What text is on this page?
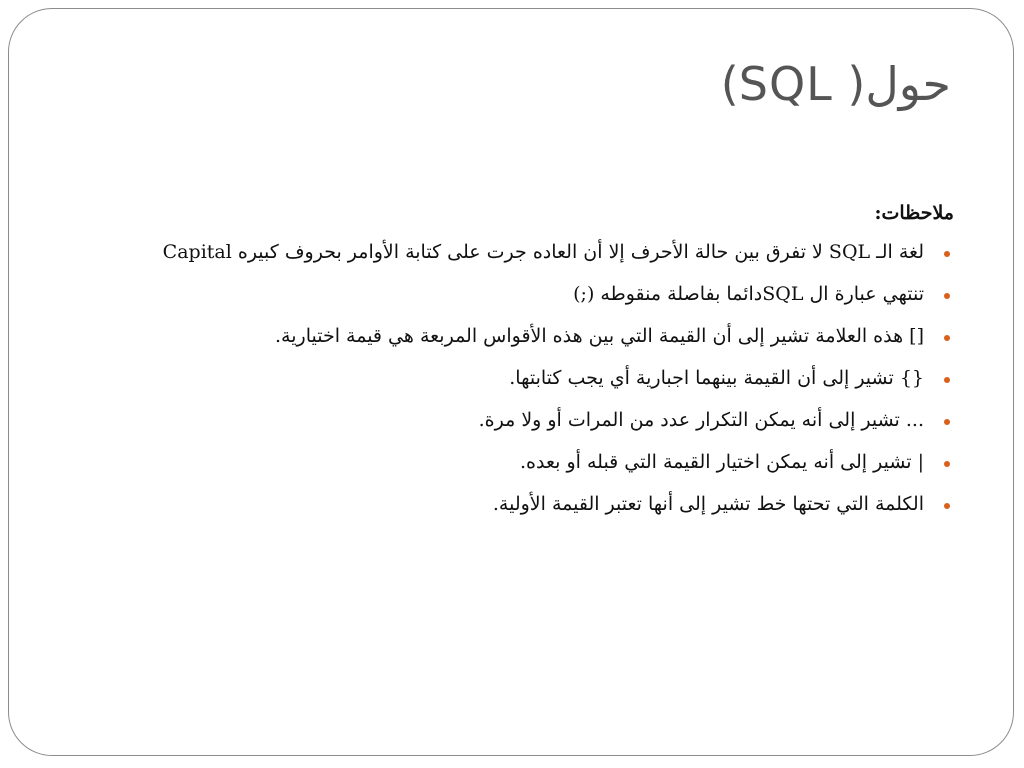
حول( SQL)
ملاحظات:
لغة الـ SQL لا تفرق بين حالة الأحرف إلا أن العاده جرت على كتابة الأوامر بحروف كبيره Capital
تنتهي عبارة ال SQLدائما بفاصلة منقوطه (;)
[] هذه العلامة تشير إلى أن القيمة التي بين هذه الأقواس المربعة هي قيمة اختيارية.
{} تشير إلى أن القيمة بينهما اجبارية أي يجب كتابتها.
... تشير إلى أنه يمكن التكرار عدد من المرات أو ولا مرة.
| تشير إلى أنه يمكن اختيار القيمة التي قبله أو بعده.
الكلمة التي تحتها خط تشير إلى أنها تعتبر القيمة الأولية.
